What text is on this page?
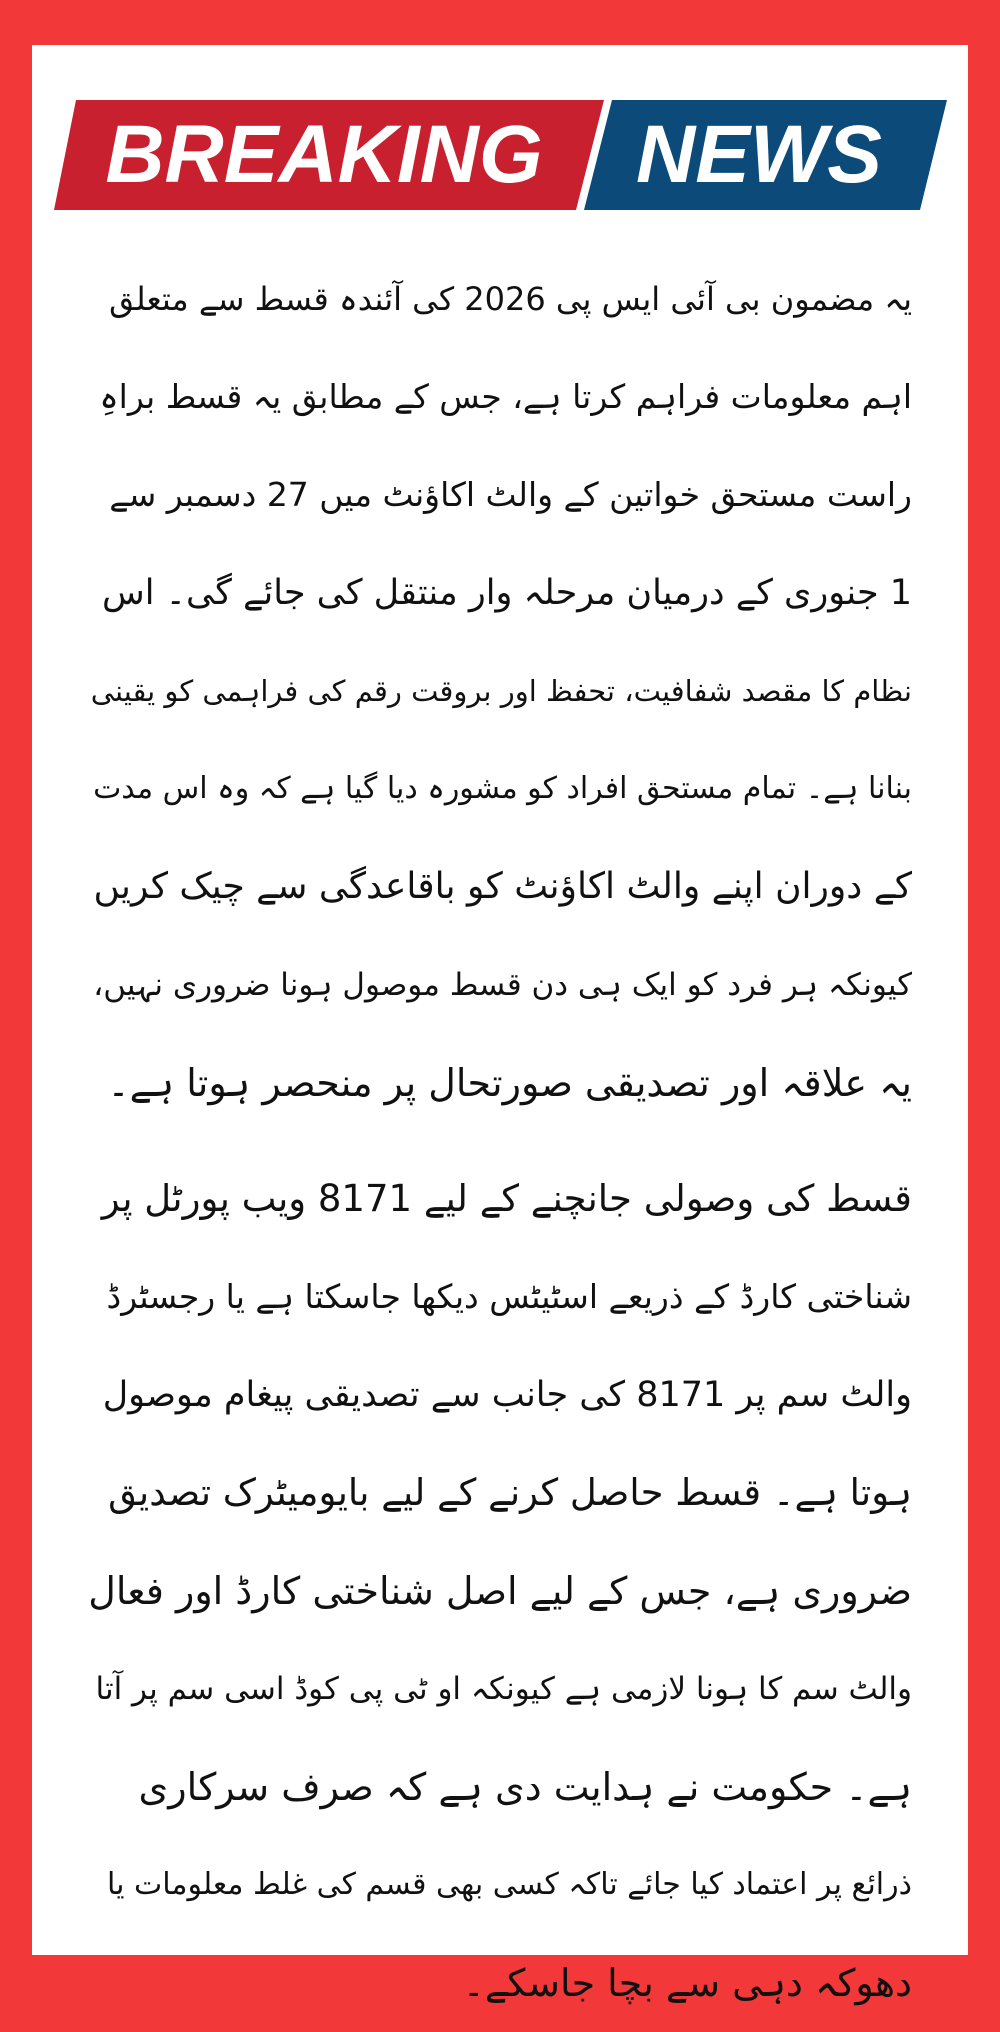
BREAKING NEWS
یہ مضمون بی آئی ایس پی 2026 کی آئندہ قسط سے متعلق
اہم معلومات فراہم کرتا ہے، جس کے مطابق یہ قسط براہِ
راست مستحق خواتین کے والٹ اکاؤنٹ میں 27 دسمبر سے
1 جنوری کے درمیان مرحلہ وار منتقل کی جائے گی۔ اس
نظام کا مقصد شفافیت، تحفظ اور بروقت رقم کی فراہمی کو یقینی
بنانا ہے۔ تمام مستحق افراد کو مشورہ دیا گیا ہے کہ وہ اس مدت
کے دوران اپنے والٹ اکاؤنٹ کو باقاعدگی سے چیک کریں
کیونکہ ہر فرد کو ایک ہی دن قسط موصول ہونا ضروری نہیں،
یہ علاقہ اور تصدیقی صورتحال پر منحصر ہوتا ہے۔
قسط کی وصولی جانچنے کے لیے 8171 ویب پورٹل پر
شناختی کارڈ کے ذریعے اسٹیٹس دیکھا جاسکتا ہے یا رجسٹرڈ
والٹ سم پر 8171 کی جانب سے تصدیقی پیغام موصول
ہوتا ہے۔ قسط حاصل کرنے کے لیے بایومیٹرک تصدیق
ضروری ہے، جس کے لیے اصل شناختی کارڈ اور فعال
والٹ سم کا ہونا لازمی ہے کیونکہ او ٹی پی کوڈ اسی سم پر آتا
ہے۔ حکومت نے ہدایت دی ہے کہ صرف سرکاری
ذرائع پر اعتماد کیا جائے تاکہ کسی بھی قسم کی غلط معلومات یا
دھوکہ دہی سے بچا جاسکے۔
